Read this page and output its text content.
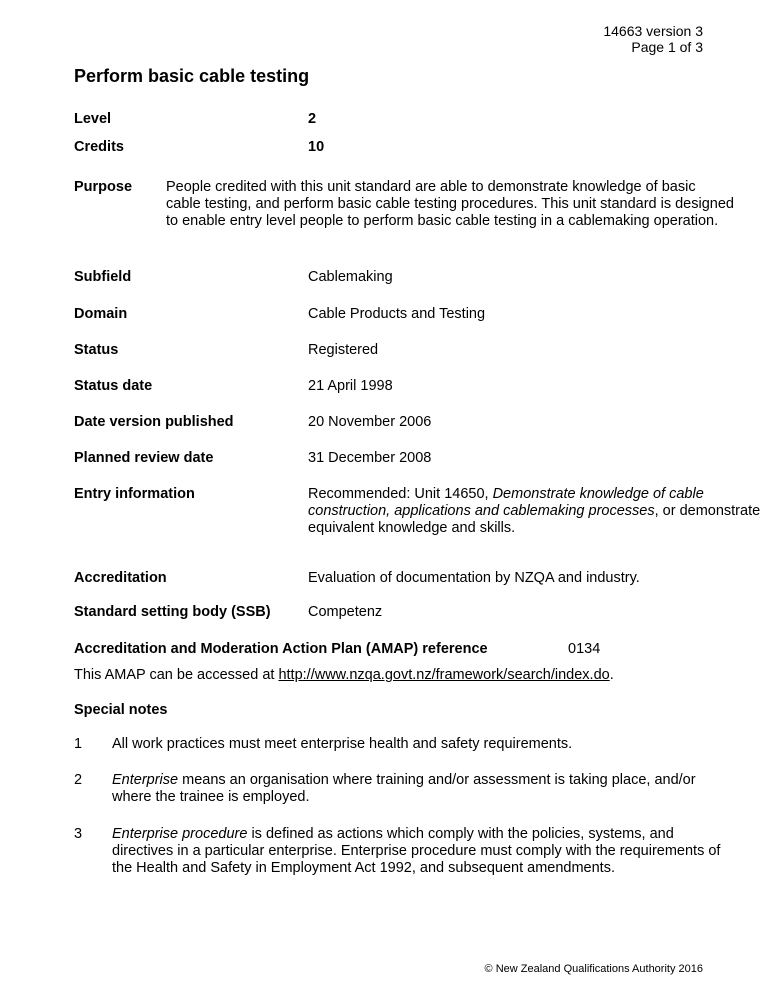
14663 version 3
Page 1 of 3
Perform basic cable testing
Level	2
Credits	10
Purpose People credited with this unit standard are able to demonstrate knowledge of basic cable testing, and perform basic cable testing procedures. This unit standard is designed to enable entry level people to perform basic cable testing in a cablemaking operation.
Subfield	Cablemaking
Domain	Cable Products and Testing
Status	Registered
Status date	21 April 1998
Date version published	20 November 2006
Planned review date	31 December 2008
Entry information	Recommended: Unit 14650, Demonstrate knowledge of cable construction, applications and cablemaking processes, or demonstrate equivalent knowledge and skills.
Accreditation	Evaluation of documentation by NZQA and industry.
Standard setting body (SSB)	Competenz
Accreditation and Moderation Action Plan (AMAP) reference	0134
This AMAP can be accessed at http://www.nzqa.govt.nz/framework/search/index.do.
Special notes
1 All work practices must meet enterprise health and safety requirements.
2 Enterprise means an organisation where training and/or assessment is taking place, and/or where the trainee is employed.
3 Enterprise procedure is defined as actions which comply with the policies, systems, and directives in a particular enterprise. Enterprise procedure must comply with the requirements of the Health and Safety in Employment Act 1992, and subsequent amendments.
© New Zealand Qualifications Authority 2016
